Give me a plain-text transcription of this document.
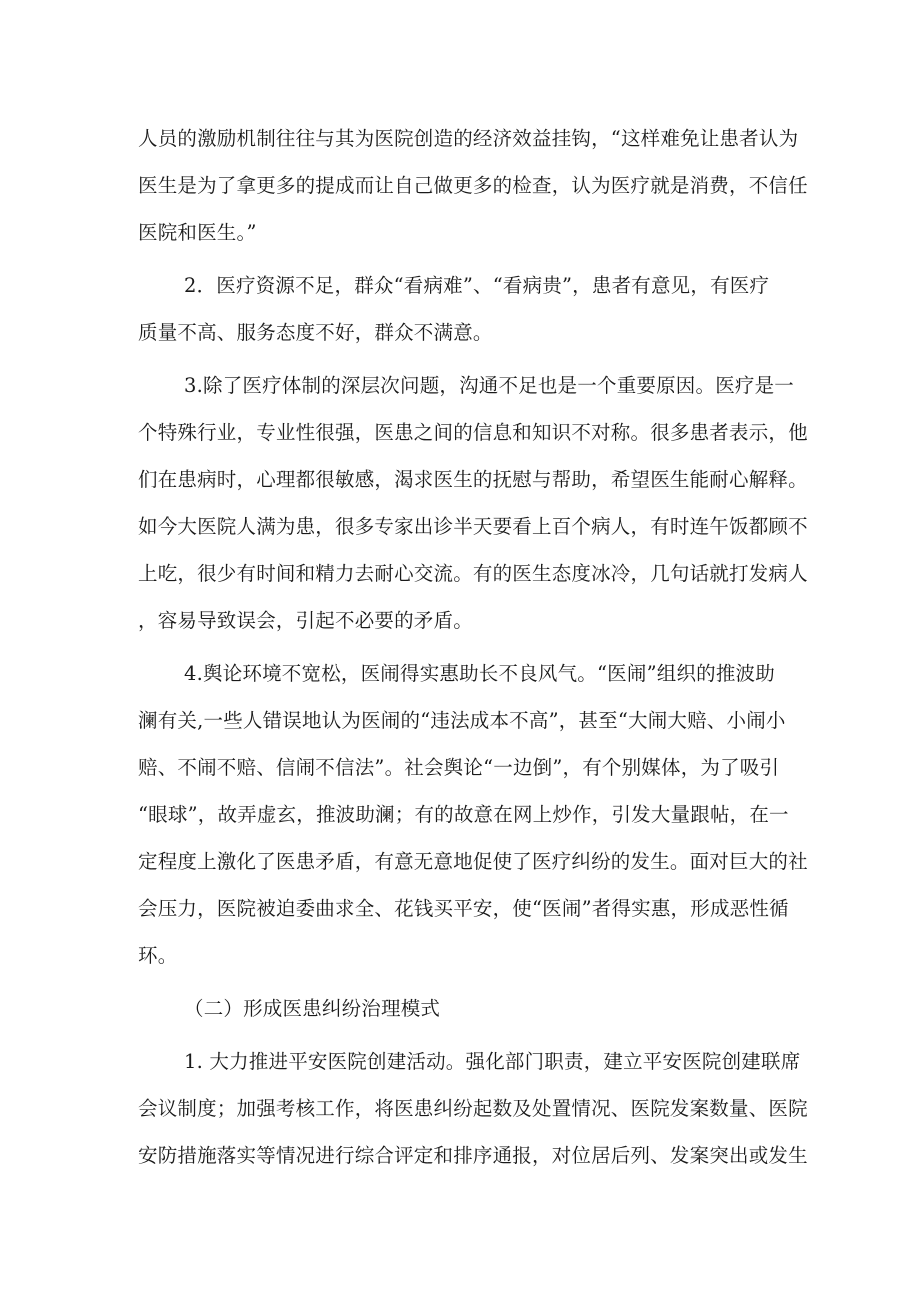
人员的激励机制往往与其为医院创造的经济效益挂钩，“这样难免让患者认为
医生是为了拿更多的提成而让自己做更多的检查，认为医疗就是消费，不信任
医院和医生。”
2．医疗资源不足，群众“看病难”、“看病贵”，患者有意见，有医疗
质量不高、服务态度不好，群众不满意。
3.除了医疗体制的深层次问题，沟通不足也是一个重要原因。医疗是一
个特殊行业，专业性很强，医患之间的信息和知识不对称。很多患者表示，他
们在患病时，心理都很敏感，渴求医生的抚慰与帮助，希望医生能耐心解释。
如今大医院人满为患，很多专家出诊半天要看上百个病人，有时连午饭都顾不
上吃，很少有时间和精力去耐心交流。有的医生态度冰冷，几句话就打发病人
，容易导致误会，引起不必要的矛盾。
4.舆论环境不宽松，医闹得实惠助长不良风气。“医闹”组织的推波助
澜有关,一些人错误地认为医闹的“违法成本不高”，甚至“大闹大赔、小闹小
赔、不闹不赔、信闹不信法”。社会舆论“一边倒”，有个别媒体，为了吸引
“眼球”，故弄虚玄，推波助澜；有的故意在网上炒作，引发大量跟帖，在一
定程度上激化了医患矛盾，有意无意地促使了医疗纠纷的发生。面对巨大的社
会压力，医院被迫委曲求全、花钱买平安，使“医闹”者得实惠，形成恶性循
环。
（二）形成医患纠纷治理模式
1. 大力推进平安医院创建活动。强化部门职责，建立平安医院创建联席
会议制度；加强考核工作，将医患纠纷起数及处置情况、医院发案数量、医院
安防措施落实等情况进行综合评定和排序通报，对位居后列、发案突出或发生
